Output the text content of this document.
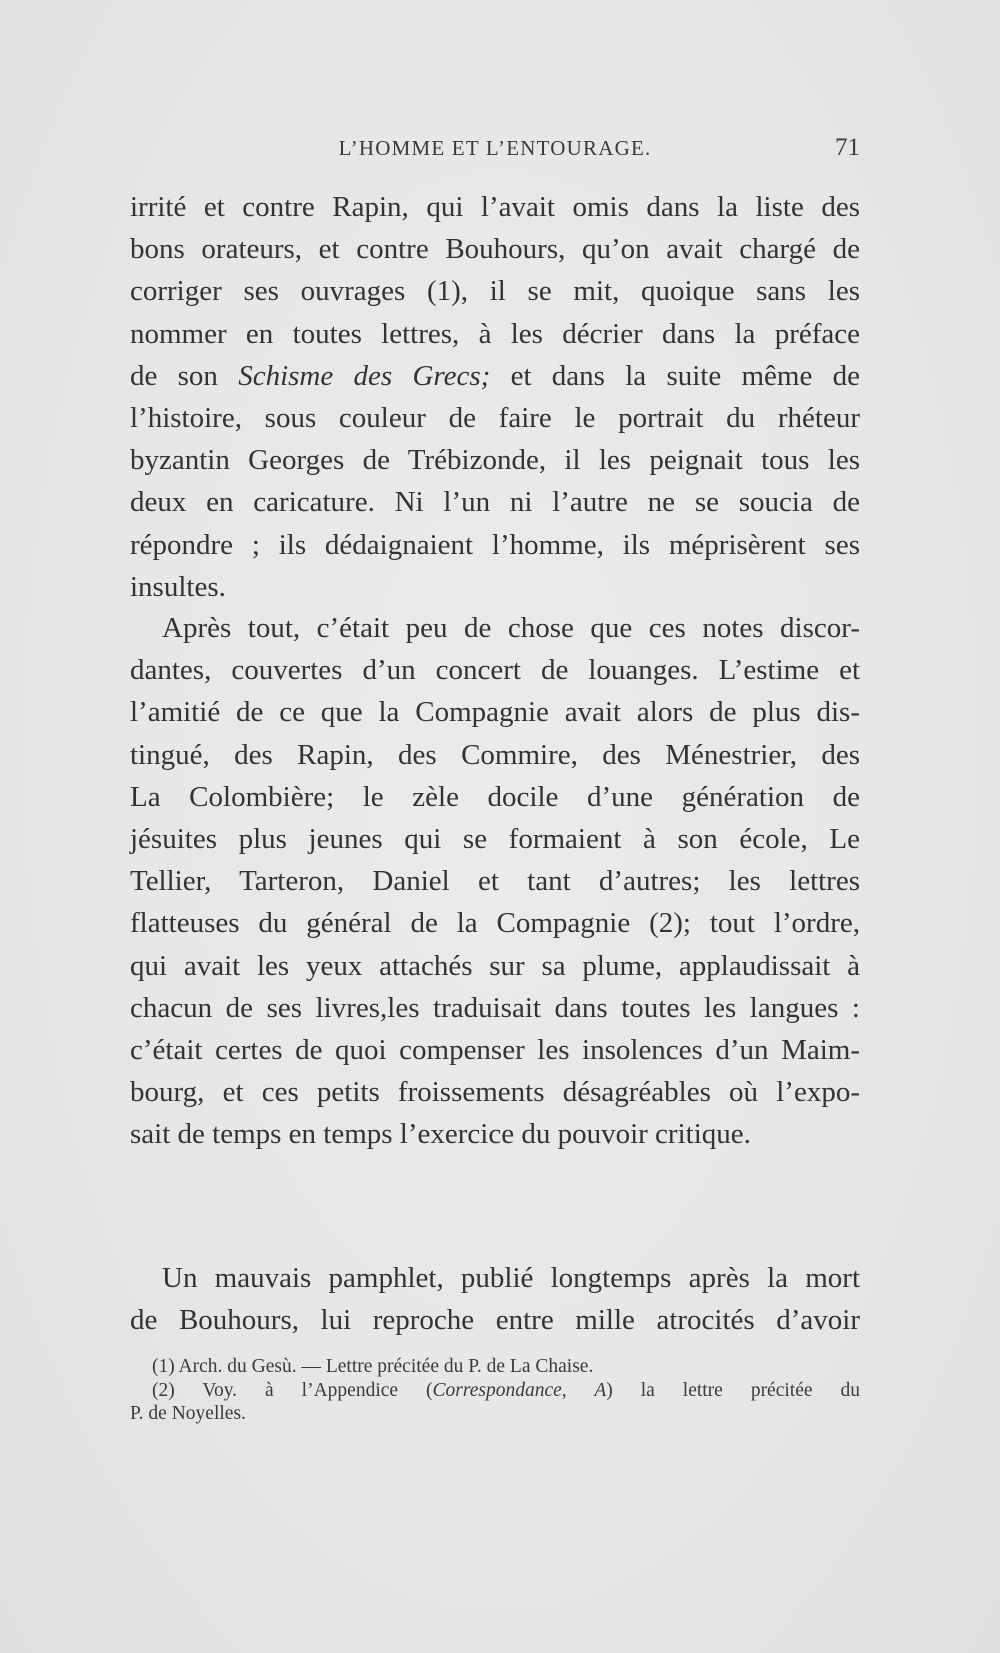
L’HOMME ET L’ENTOURAGE.	71
irrité et contre Rapin, qui l’avait omis dans la liste des
bons orateurs, et contre Bouhours, qu’on avait chargé de
corriger ses ouvrages (1), il se mit, quoique sans les
nommer en toutes lettres, à les décrier dans la préface
de son Schisme des Grecs; et dans la suite même de
l’histoire, sous couleur de faire le portrait du rhéteur
byzantin Georges de Trébizonde, il les peignait tous les
deux en caricature. Ni l’un ni l’autre ne se soucia de
répondre ; ils dédaignaient l’homme, ils méprisèrent ses
insultes.
Après tout, c’était peu de chose que ces notes discor-
dantes, couvertes d’un concert de louanges. L’estime et
l’amitié de ce que la Compagnie avait alors de plus dis-
tingué, des Rapin, des Commire, des Ménestrier, des
La Colombière; le zèle docile d’une génération de
jésuites plus jeunes qui se formaient à son école, Le
Tellier, Tarteron, Daniel et tant d’autres; les lettres
flatteuses du général de la Compagnie (2); tout l’ordre,
qui avait les yeux attachés sur sa plume, applaudissait à
chacun de ses livres,les traduisait dans toutes les langues :
c’était certes de quoi compenser les insolences d’un Maim-
bourg, et ces petits froissements désagréables où l’expo-
sait de temps en temps l’exercice du pouvoir critique.
Un mauvais pamphlet, publié longtemps après la mort
de Bouhours, lui reproche entre mille atrocités d’avoir
(1) Arch. du Gesù. — Lettre précitée du P. de La Chaise.
(2) Voy. à l’Appendice (Correspondance, A) la lettre précitée du
P. de Noyelles.
